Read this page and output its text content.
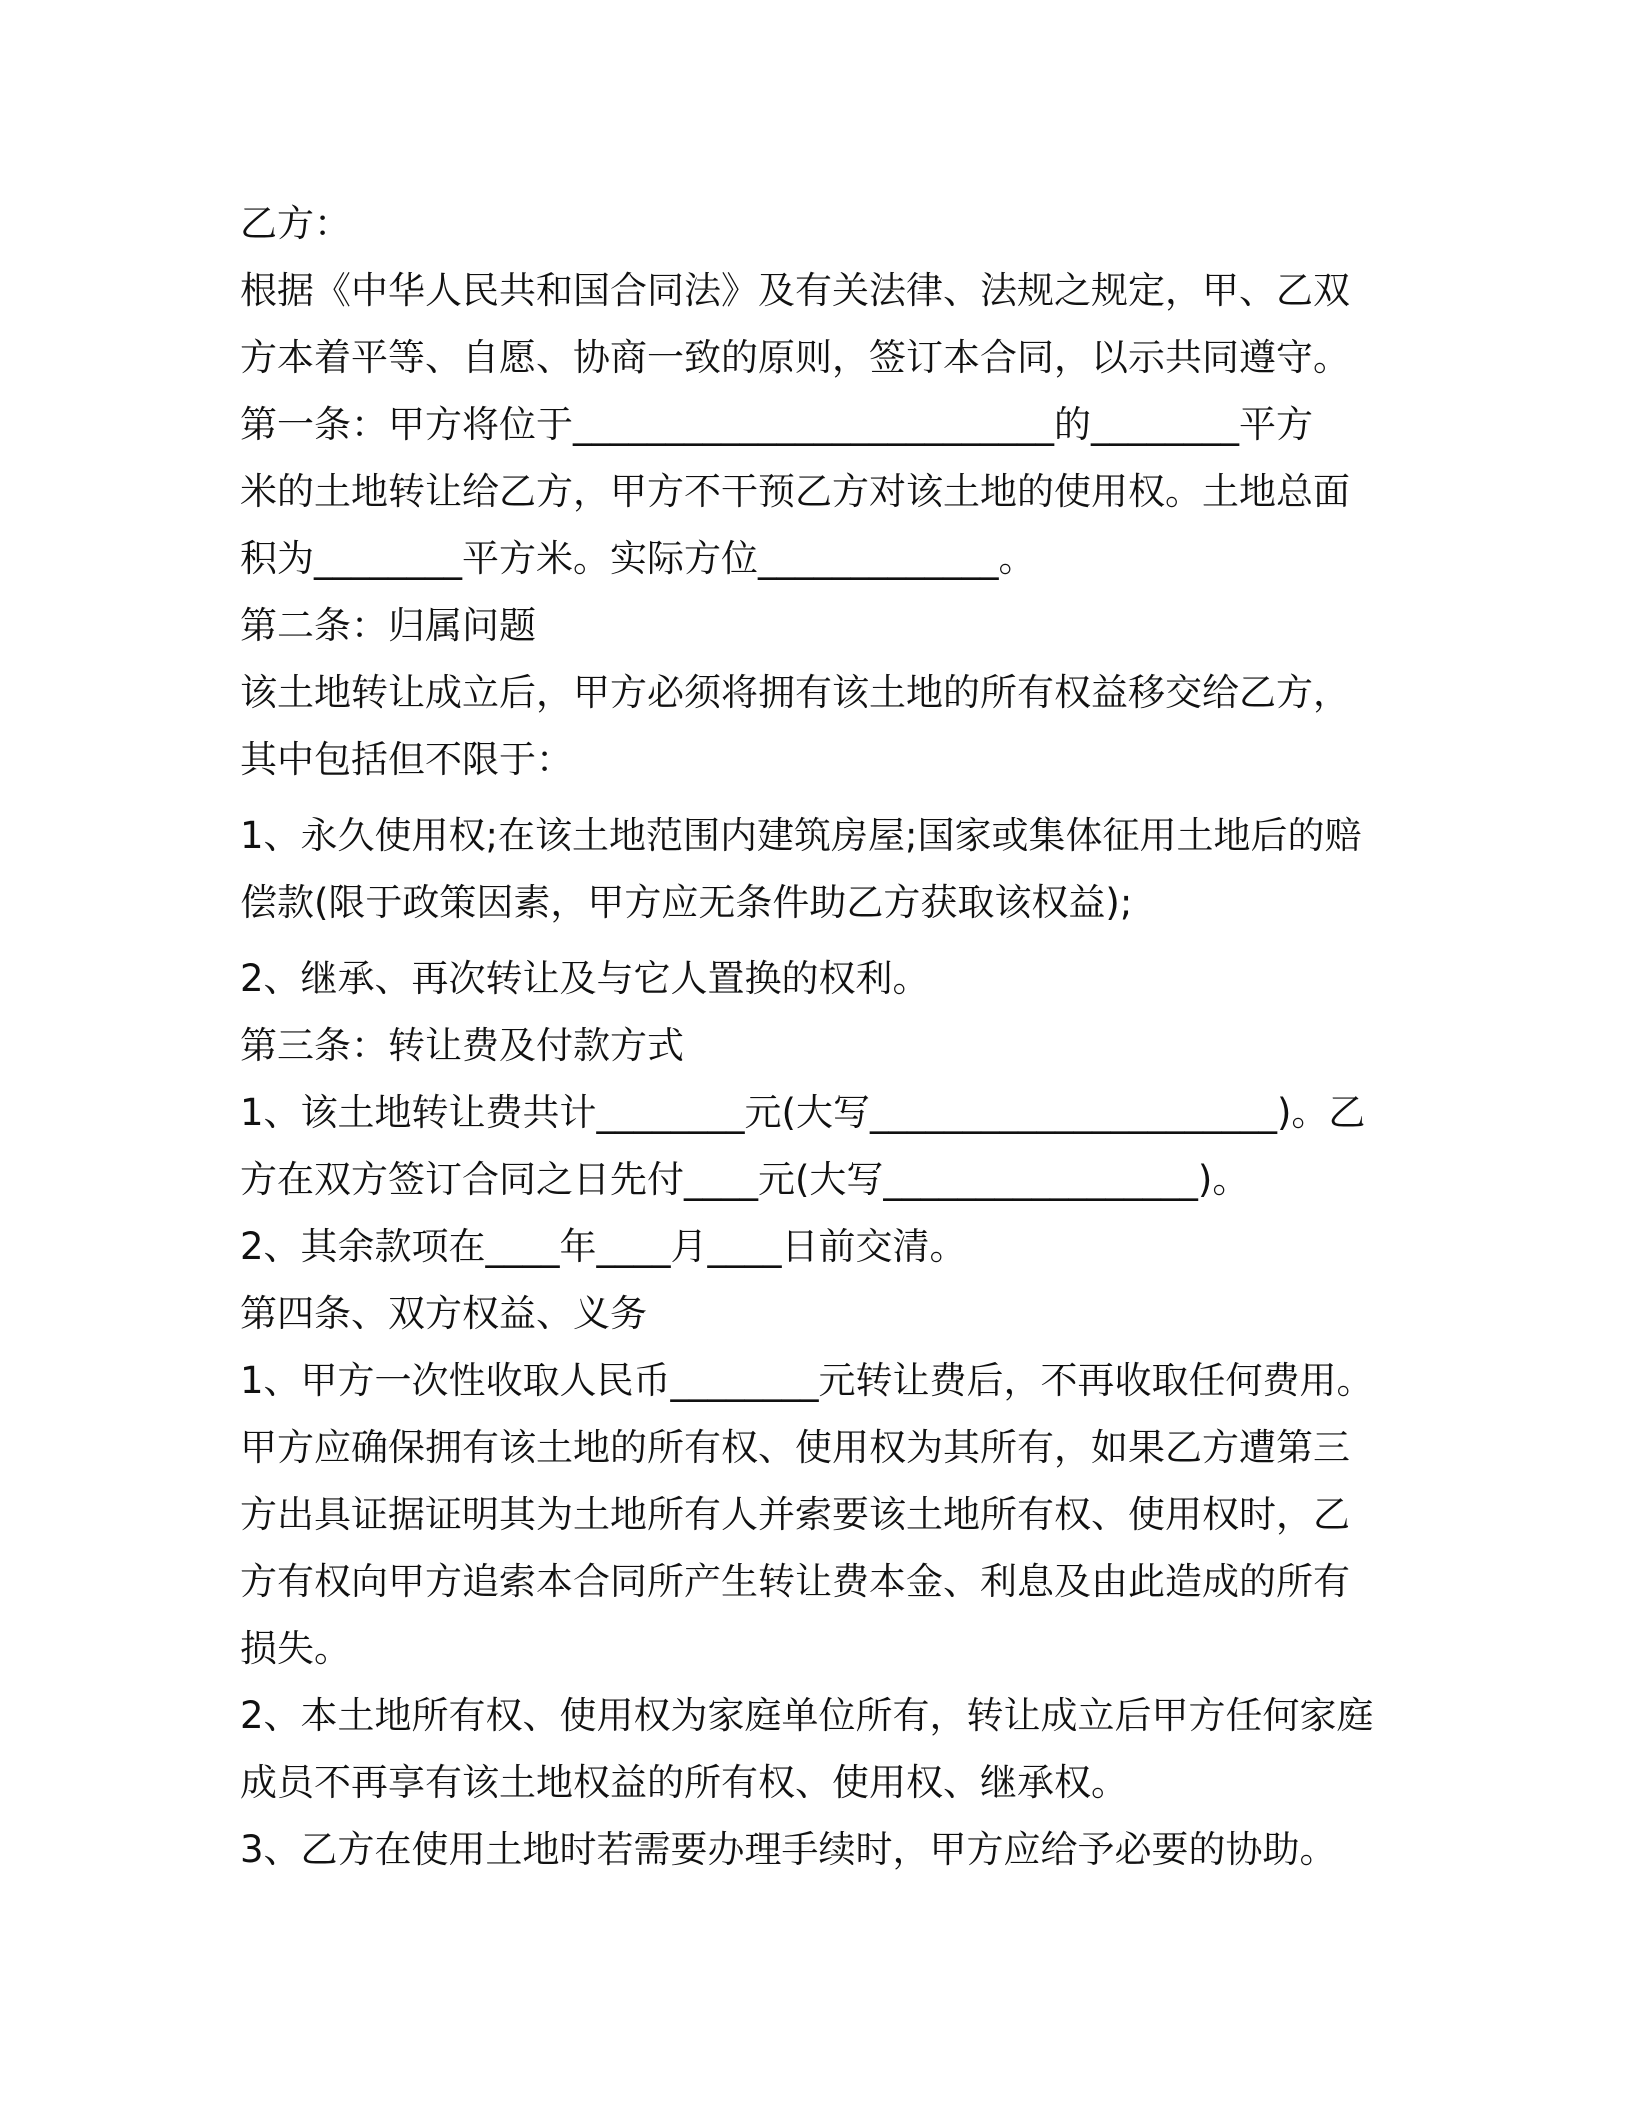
乙方：
根据《中华人民共和国合同法》及有关法律、法规之规定，甲、乙双
方本着平等、自愿、协商一致的原则，签订本合同，以示共同遵守。
第一条：甲方将位于__________________________的________平方
米的土地转让给乙方，甲方不干预乙方对该土地的使用权。土地总面
积为________平方米。实际方位_____________。
第二条：归属问题
该土地转让成立后，甲方必须将拥有该土地的所有权益移交给乙方，
其中包括但不限于：
1、永久使用权;在该土地范围内建筑房屋;国家或集体征用土地后的赔
偿款(限于政策因素，甲方应无条件助乙方获取该权益);
2、继承、再次转让及与它人置换的权利。
第三条：转让费及付款方式
1、该土地转让费共计________元(大写______________________)。乙
方在双方签订合同之日先付____元(大写_________________)。
2、其余款项在____年____月____日前交清。
第四条、双方权益、义务
1、甲方一次性收取人民币________元转让费后，不再收取任何费用。
甲方应确保拥有该土地的所有权、使用权为其所有，如果乙方遭第三
方出具证据证明其为土地所有人并索要该土地所有权、使用权时，乙
方有权向甲方追索本合同所产生转让费本金、利息及由此造成的所有
损失。
2、本土地所有权、使用权为家庭单位所有，转让成立后甲方任何家庭
成员不再享有该土地权益的所有权、使用权、继承权。
3、乙方在使用土地时若需要办理手续时，甲方应给予必要的协助。
